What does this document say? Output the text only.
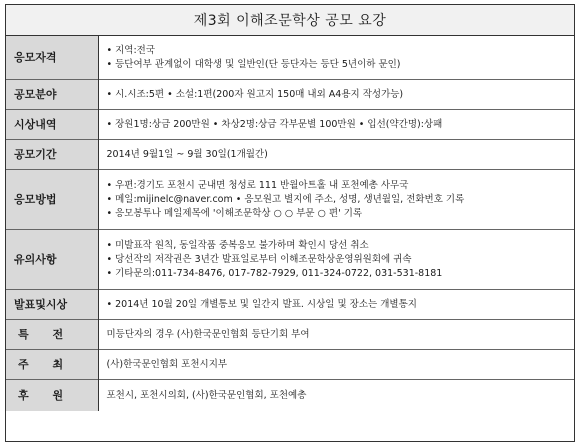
제3회 이해조문학상 공모 요강
응모자격	• 지역:전국
• 등단여부 관계없이 대학생 및 일반인(단 등단자는 등단 5년이하 문인)

공모분야	• 시.시조:5편 • 소설:1편(200자 원고지 150매 내외 A4용지 작성가능)

시상내역	• 장원1명:상금 200만원 • 차상2명:상금 각부문별 100만원 • 입선(약간명):상패

공모기간	2014년 9월1일 ~ 9월 30일(1개월간)

응모방법	• 우편:경기도 포천시 군내면 청성로 111 반월아트홀 내 포천예총 사무국
• 메일:mijinelc@naver.com • 응모원고 별지에 주소, 성명, 생년월일, 전화번호 기록
• 응모봉투나 메일제목에 '이해조문학상 ○ ○ 부문 ○ 편' 기록

유의사항	• 미발표작 원칙, 동일작품 중복응모 불가하며 확인시 당선 취소
• 당선작의 저작권은 3년간 발표일로부터 이해조문학상운영위원회에 귀속
• 기타문의:011-734-8476, 017-782-7929, 011-324-0722, 031-531-8181

발표및시상	• 2014년 10월 20일 개별통보 및 일간지 발표. 시상일 및 장소는 개별통지

특 전	미등단자의 경우 (사)한국문인협회 등단기회 부여

주 최	(사)한국문인협회 포천시지부

후 원	포천시, 포천시의회, (사)한국문인협회, 포천예총
